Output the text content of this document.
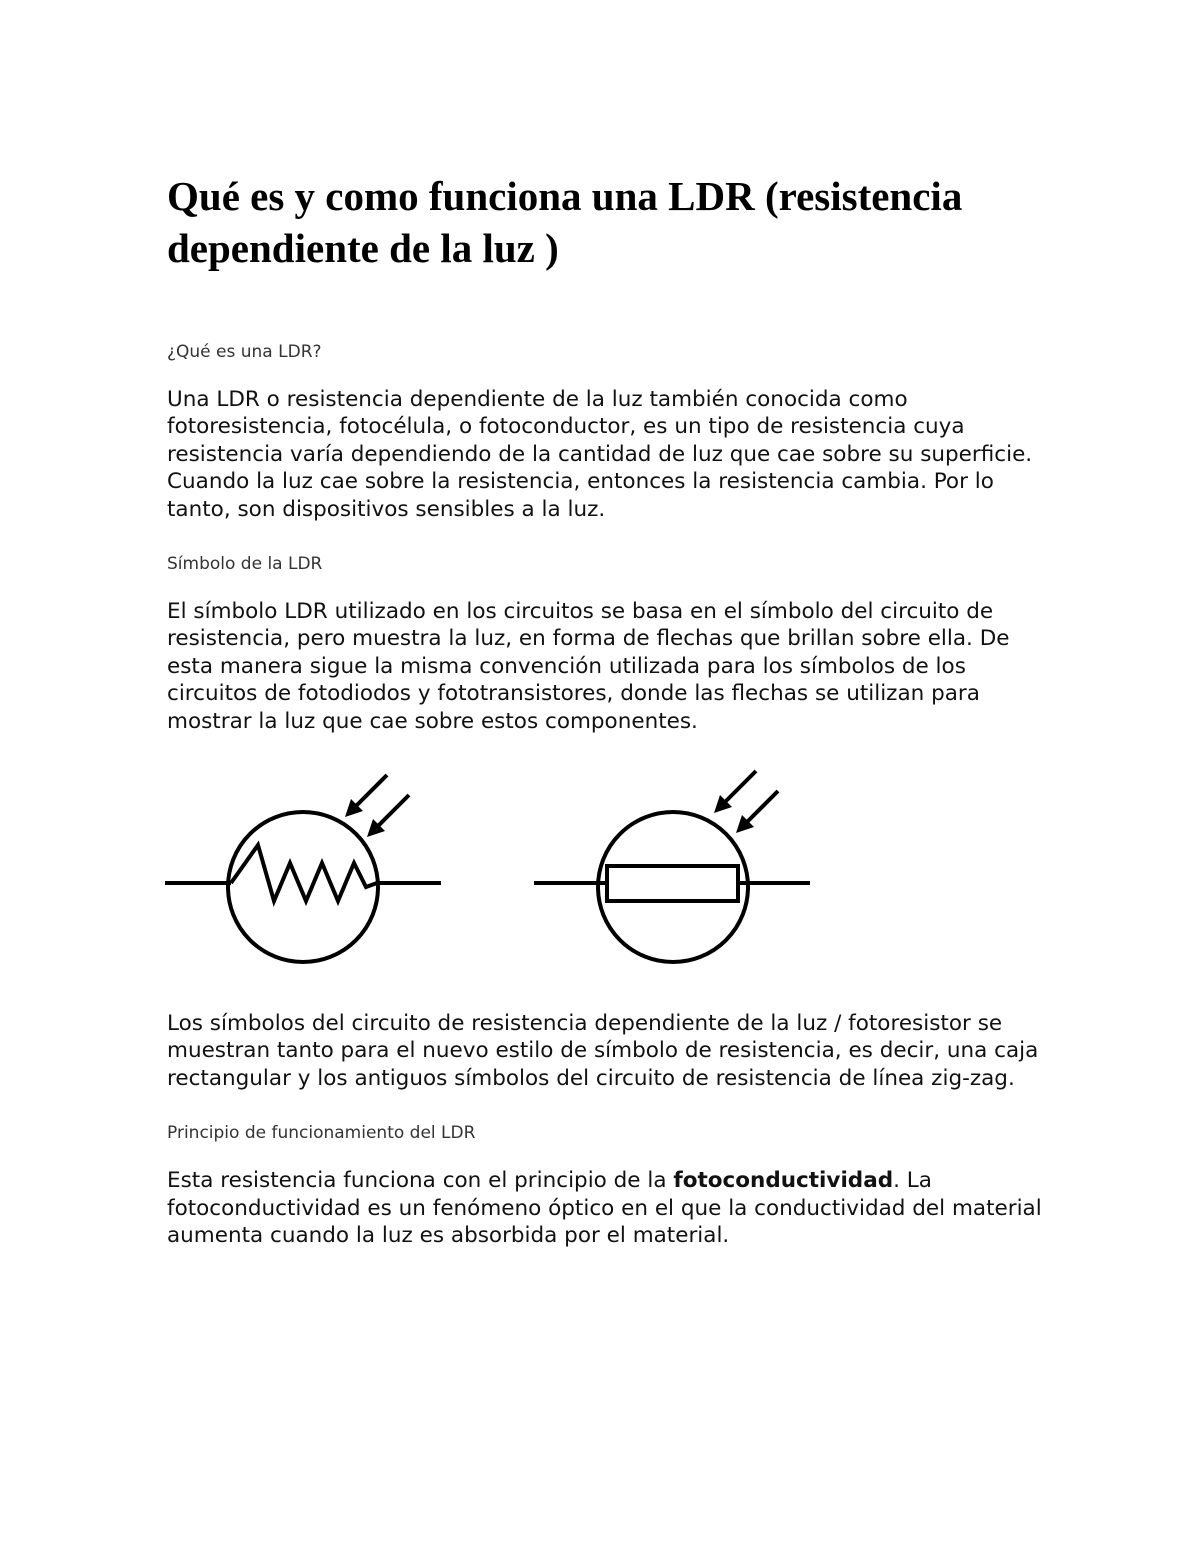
Qué es y como funciona una LDR (resistencia dependiente de la luz )

¿Qué es una LDR?

Una LDR o resistencia dependiente de la luz también conocida como fotoresistencia, fotocélula, o fotoconductor, es un tipo de resistencia cuya resistencia varía dependiendo de la cantidad de luz que cae sobre su superficie. Cuando la luz cae sobre la resistencia, entonces la resistencia cambia. Por lo tanto, son dispositivos sensibles a la luz.

Símbolo de la LDR

El símbolo LDR utilizado en los circuitos se basa en el símbolo del circuito de resistencia, pero muestra la luz, en forma de flechas que brillan sobre ella. De esta manera sigue la misma convención utilizada para los símbolos de los circuitos de fotodiodos y fototransistores, donde las flechas se utilizan para mostrar la luz que cae sobre estos componentes.

Los símbolos del circuito de resistencia dependiente de la luz / fotoresistor se muestran tanto para el nuevo estilo de símbolo de resistencia, es decir, una caja rectangular y los antiguos símbolos del circuito de resistencia de línea zig-zag.

Principio de funcionamiento del LDR

Esta resistencia funciona con el principio de la fotoconductividad. La fotoconductividad es un fenómeno óptico en el que la conductividad del material aumenta cuando la luz es absorbida por el material.
